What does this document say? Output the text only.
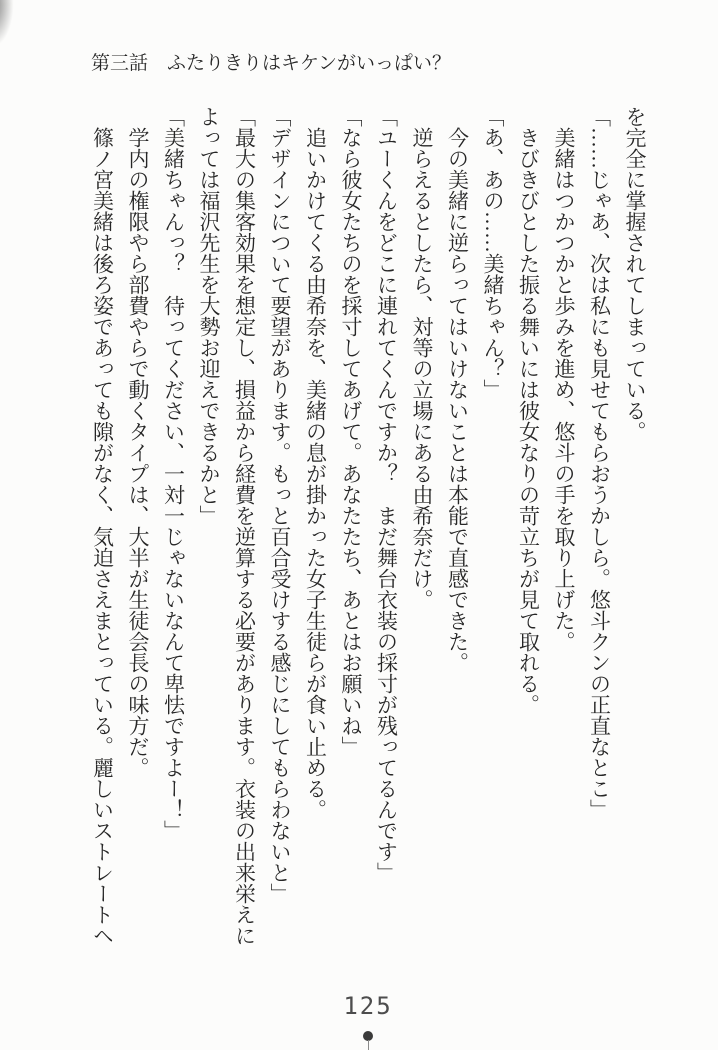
第三話　ふたりきりはキケンがいっぱい？

を完全に掌握されてしまっている。

「……じゃあ、次は私にも見せてもらおうかしら。悠斗クンの正直なとこ」

美緒はつかつかと歩みを進め、悠斗の手を取り上げた。

きびきびとした振る舞いには彼女なりの苛立ちが見て取れる。

「あ、あの……美緒ちゃん？」

今の美緒に逆らってはいけないことは本能で直感できた。

逆らえるとしたら、対等の立場にある由希奈だけ。

「ユーくんをどこに連れてくんですか？　まだ舞台衣装の採寸が残ってるんです」

「なら彼女たちのを採寸してあげて。あなたたち、あとはお願いね」

追いかけてくる由希奈を、美緒の息が掛かった女子生徒らが食い止める。

「デザインについて要望があります。もっと百合受けする感じにしてもらわないと」

「最大の集客効果を想定し、損益から経費を逆算する必要があります。衣装の出来栄えによっては福沢先生を大勢お迎えできるかと」

「美緒ちゃんっ？　待ってください、一対一じゃないなんて卑怯ですよー！」

学内の権限やら部費やらで動くタイプは、大半が生徒会長の味方だ。

篠ノ宮美緒は後ろ姿であっても隙がなく、気迫さえまとっている。麗しいストレートヘ

125
